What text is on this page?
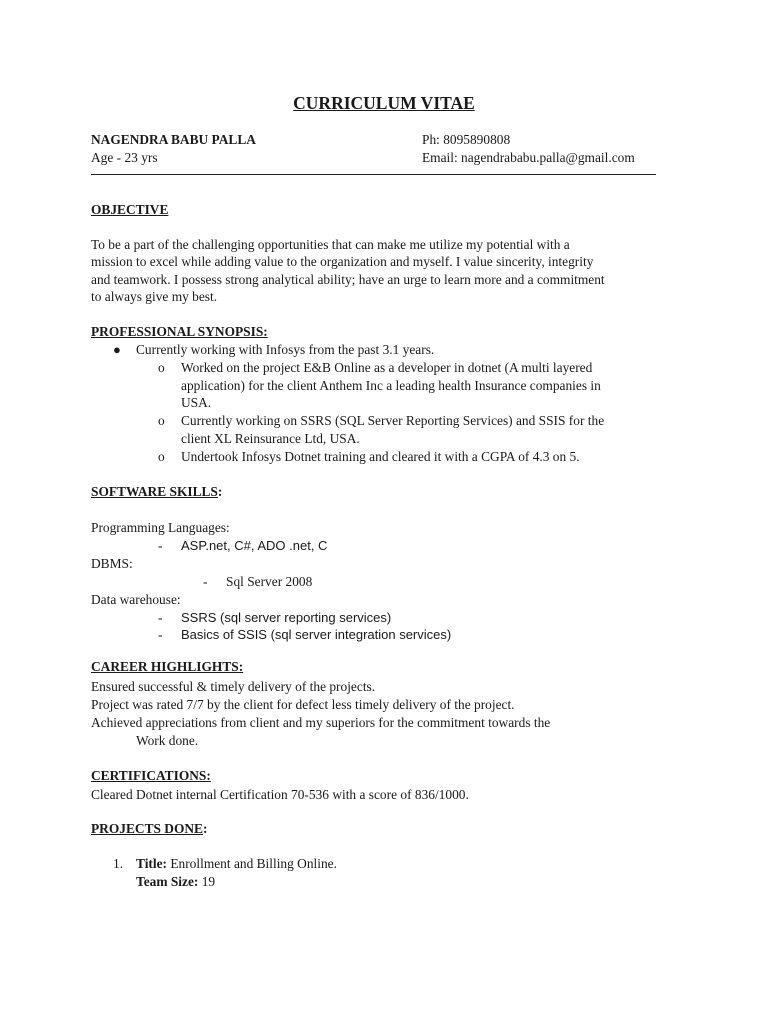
CURRICULUM VITAE
NAGENDRA BABU PALLA
Age - 23 yrs
Ph: 8095890808
Email: nagendrababu.palla@gmail.com
OBJECTIVE
To be a part of the challenging opportunities that can make me utilize my potential with a
mission to excel while adding value to the organization and myself. I value sincerity, integrity
and teamwork. I possess strong analytical ability; have an urge to learn more and a commitment
to always give my best.
PROFESSIONAL SYNOPSIS:
● Currently working with Infosys from the past 3.1 years.
o Worked on the project E&B Online as a developer in dotnet (A multi layered
application) for the client Anthem Inc a leading health Insurance companies in
USA.
o Currently working on SSRS (SQL Server Reporting Services) and SSIS for the
client XL Reinsurance Ltd, USA.
o Undertook Infosys Dotnet training and cleared it with a CGPA of 4.3 on 5.
SOFTWARE SKILLS:
Programming Languages:
- ASP.net, C#, ADO .net, C
DBMS:
- Sql Server 2008
Data warehouse:
- SSRS (sql server reporting services)
- Basics of SSIS (sql server integration services)
CAREER HIGHLIGHTS:
Ensured successful & timely delivery of the projects.
Project was rated 7/7 by the client for defect less timely delivery of the project.
Achieved appreciations from client and my superiors for the commitment towards the
Work done.
CERTIFICATIONS:
Cleared Dotnet internal Certification 70-536 with a score of 836/1000.
PROJECTS DONE:
1. Title: Enrollment and Billing Online.
Team Size: 19
